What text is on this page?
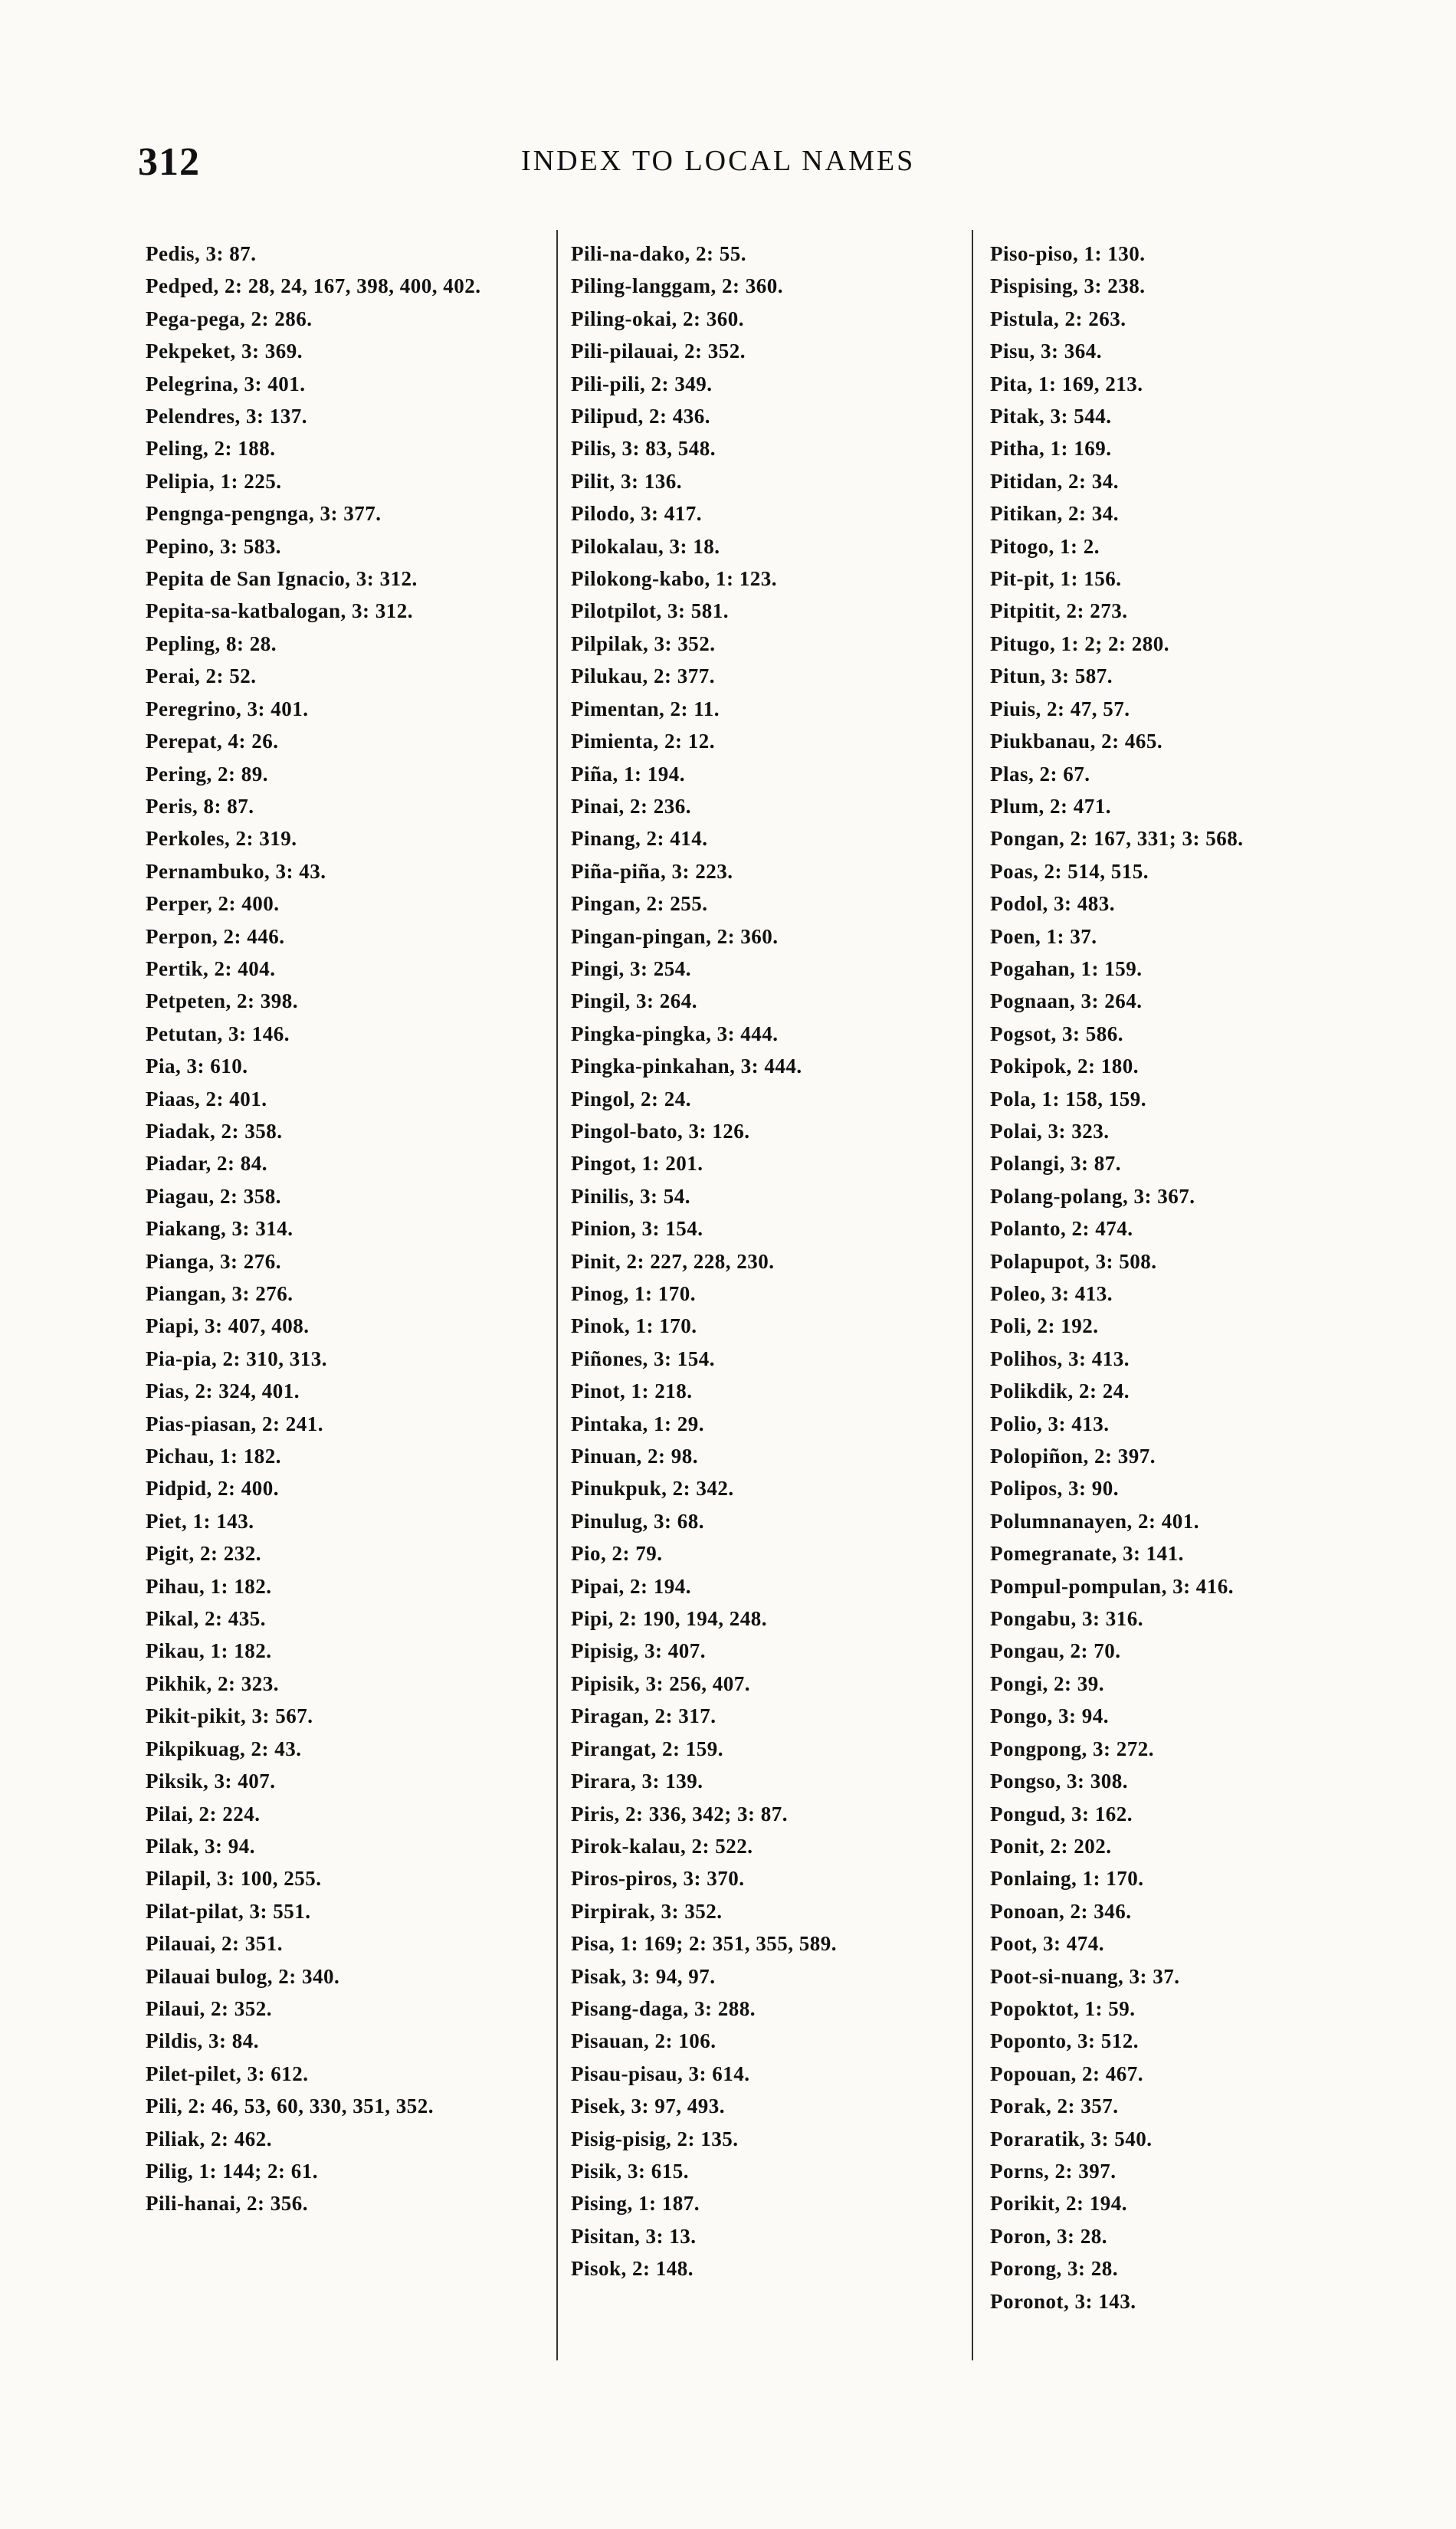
312	INDEX TO LOCAL NAMES
Pedis, 3: 87.
Pedped, 2: 28, 24, 167, 398, 400, 402.
Pega-pega, 2: 286.
Pekpeket, 3: 369.
Pelegrina, 3: 401.
Pelendres, 3: 137.
Peling, 2: 188.
Pelipia, 1: 225.
Pengnga-pengnga, 3: 377.
Pepino, 3: 583.
Pepita de San Ignacio, 3: 312.
Pepita-sa-katbalogan, 3: 312.
Pepling, 8: 28.
Perai, 2: 52.
Peregrino, 3: 401.
Perepat, 4: 26.
Pering, 2: 89.
Peris, 8: 87.
Perkoles, 2: 319.
Pernambuko, 3: 43.
Perper, 2: 400.
Perpon, 2: 446.
Pertik, 2: 404.
Petpeten, 2: 398.
Petutan, 3: 146.
Pia, 3: 610.
Piaas, 2: 401.
Piadak, 2: 358.
Piadar, 2: 84.
Piagau, 2: 358.
Piakang, 3: 314.
Pianga, 3: 276.
Piangan, 3: 276.
Piapi, 3: 407, 408.
Pia-pia, 2: 310, 313.
Pias, 2: 324, 401.
Pias-piasan, 2: 241.
Pichau, 1: 182.
Pidpid, 2: 400.
Piet, 1: 143.
Pigit, 2: 232.
Pihau, 1: 182.
Pikal, 2: 435.
Pikau, 1: 182.
Pikhik, 2: 323.
Pikit-pikit, 3: 567.
Pikpikuag, 2: 43.
Piksik, 3: 407.
Pilai, 2: 224.
Pilak, 3: 94.
Pilapil, 3: 100, 255.
Pilat-pilat, 3: 551.
Pilauai, 2: 351.
Pilauai bulog, 2: 340.
Pilaui, 2: 352.
Pildis, 3: 84.
Pilet-pilet, 3: 612.
Pili, 2: 46, 53, 60, 330, 351, 352.
Piliak, 2: 462.
Pilig, 1: 144; 2: 61.
Pili-hanai, 2: 356.
Pili-na-dako, 2: 55.
Piling-langgam, 2: 360.
Piling-okai, 2: 360.
Pili-pilauai, 2: 352.
Pili-pili, 2: 349.
Pilipud, 2: 436.
Pilis, 3: 83, 548.
Pilit, 3: 136.
Pilodo, 3: 417.
Pilokalau, 3: 18.
Pilokong-kabo, 1: 123.
Pilotpilot, 3: 581.
Pilpilak, 3: 352.
Pilukau, 2: 377.
Pimentan, 2: 11.
Pimienta, 2: 12.
Piña, 1: 194.
Pinai, 2: 236.
Pinang, 2: 414.
Piña-piña, 3: 223.
Pingan, 2: 255.
Pingan-pingan, 2: 360.
Pingi, 3: 254.
Pingil, 3: 264.
Pingka-pingka, 3: 444.
Pingka-pinkahan, 3: 444.
Pingol, 2: 24.
Pingol-bato, 3: 126.
Pingot, 1: 201.
Pinilis, 3: 54.
Pinion, 3: 154.
Pinit, 2: 227, 228, 230.
Pinog, 1: 170.
Pinok, 1: 170.
Piñones, 3: 154.
Pinot, 1: 218.
Pintaka, 1: 29.
Pinuan, 2: 98.
Pinukpuk, 2: 342.
Pinulug, 3: 68.
Pio, 2: 79.
Pipai, 2: 194.
Pipi, 2: 190, 194, 248.
Pipisig, 3: 407.
Pipisik, 3: 256, 407.
Piragan, 2: 317.
Pirangat, 2: 159.
Pirara, 3: 139.
Piris, 2: 336, 342; 3: 87.
Pirok-kalau, 2: 522.
Piros-piros, 3: 370.
Pirpirak, 3: 352.
Pisa, 1: 169; 2: 351, 355, 589.
Pisak, 3: 94, 97.
Pisang-daga, 3: 288.
Pisauan, 2: 106.
Pisau-pisau, 3: 614.
Pisek, 3: 97, 493.
Pisig-pisig, 2: 135.
Pisik, 3: 615.
Pising, 1: 187.
Pisitan, 3: 13.
Pisok, 2: 148.
Piso-piso, 1: 130.
Pispising, 3: 238.
Pistula, 2: 263.
Pisu, 3: 364.
Pita, 1: 169, 213.
Pitak, 3: 544.
Pitha, 1: 169.
Pitidan, 2: 34.
Pitikan, 2: 34.
Pitogo, 1: 2.
Pit-pit, 1: 156.
Pitpitit, 2: 273.
Pitugo, 1: 2; 2: 280.
Pitun, 3: 587.
Piuis, 2: 47, 57.
Piukbanau, 2: 465.
Plas, 2: 67.
Plum, 2: 471.
Pongan, 2: 167, 331; 3: 568.
Poas, 2: 514, 515.
Podol, 3: 483.
Poen, 1: 37.
Pogahan, 1: 159.
Pognaan, 3: 264.
Pogsot, 3: 586.
Pokipok, 2: 180.
Pola, 1: 158, 159.
Polai, 3: 323.
Polangi, 3: 87.
Polang-polang, 3: 367.
Polanto, 2: 474.
Polapupot, 3: 508.
Poleo, 3: 413.
Poli, 2: 192.
Polihos, 3: 413.
Polikdik, 2: 24.
Polio, 3: 413.
Polopiñon, 2: 397.
Polipos, 3: 90.
Polumnanayen, 2: 401.
Pomegranate, 3: 141.
Pompul-pompulan, 3: 416.
Pongabu, 3: 316.
Pongau, 2: 70.
Pongi, 2: 39.
Pongo, 3: 94.
Pongpong, 3: 272.
Pongso, 3: 308.
Pongud, 3: 162.
Ponit, 2: 202.
Ponlaing, 1: 170.
Ponoan, 2: 346.
Poot, 3: 474.
Poot-si-nuang, 3: 37.
Popoktot, 1: 59.
Poponto, 3: 512.
Popouan, 2: 467.
Porak, 2: 357.
Poraratik, 3: 540.
Porns, 2: 397.
Porikit, 2: 194.
Poron, 3: 28.
Porong, 3: 28.
Poronot, 3: 143.
